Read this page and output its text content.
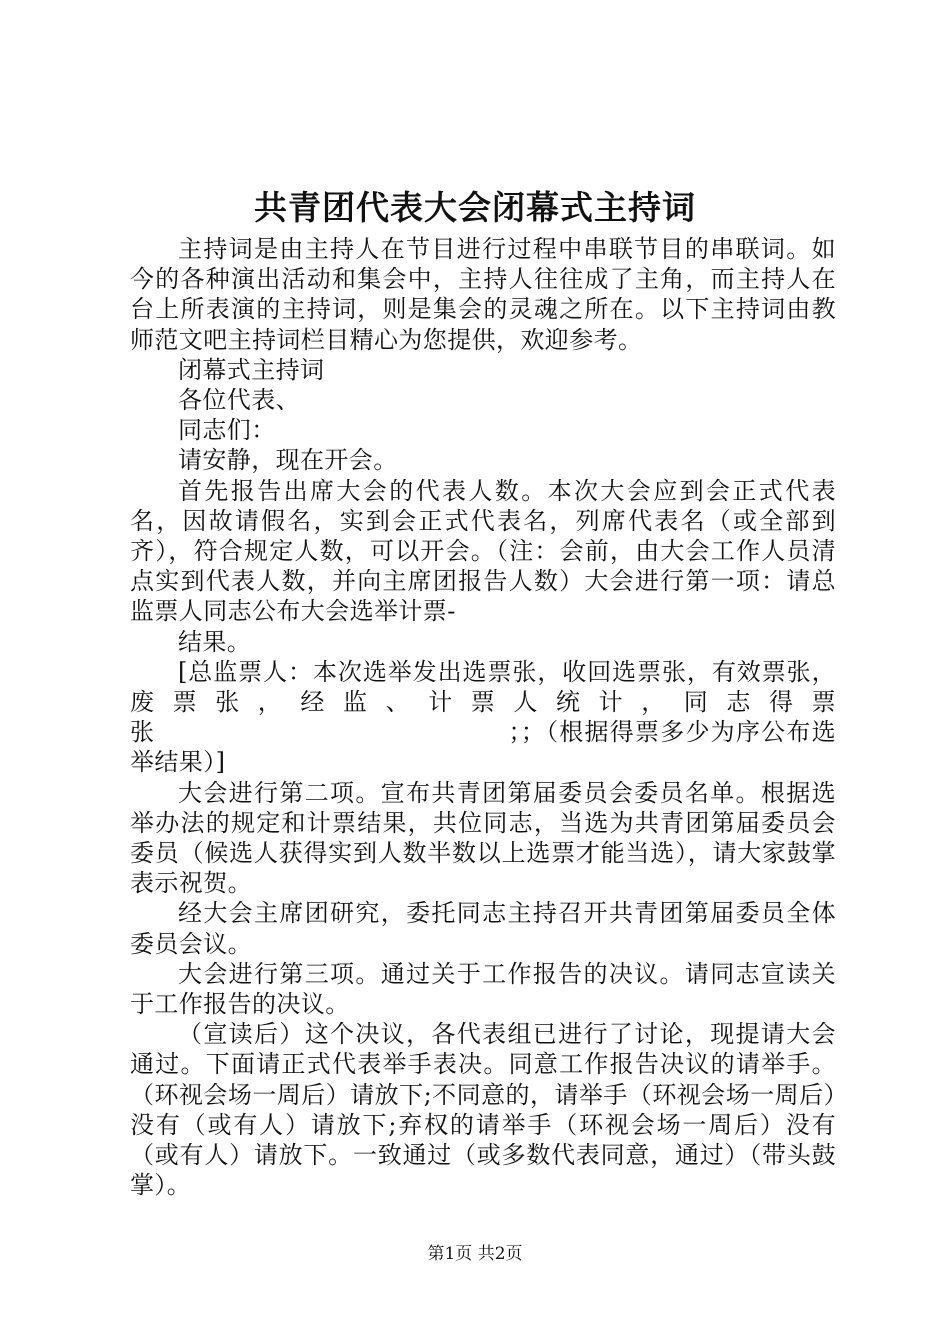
共青团代表大会闭幕式主持词

主持词是由主持人在节目进行过程中串联节目的串联词。如今的各种演出活动和集会中，主持人往往成了主角，而主持人在台上所表演的主持词，则是集会的灵魂之所在。以下主持词由教师范文吧主持词栏目精心为您提供，欢迎参考。

闭幕式主持词

各位代表、

同志们：

请安静，现在开会。

首先报告出席大会的代表人数。本次大会应到会正式代表名，因故请假名，实到会正式代表名，列席代表名（或全部到齐），符合规定人数，可以开会。（注：会前，由大会工作人员清点实到代表人数，并向主席团报告人数）大会进行第一项：请总监票人同志公布大会选举计票-

结果。

[总监票人：本次选举发出选票张，收回选票张，有效票张，废票张，经监、计票人统计，同志得票张　　　　　　　　　　　　　　；；（根据得票多少为序公布选举结果）]

大会进行第二项。宣布共青团第届委员会委员名单。根据选举办法的规定和计票结果，共位同志，当选为共青团第届委员会委员（候选人获得实到人数半数以上选票才能当选），请大家鼓掌表示祝贺。

经大会主席团研究，委托同志主持召开共青团第届委员全体委员会议。

大会进行第三项。通过关于工作报告的决议。请同志宣读关于工作报告的决议。

（宣读后）这个决议，各代表组已进行了讨论，现提请大会通过。下面请正式代表举手表决。同意工作报告决议的请举手。（环视会场一周后）请放下;不同意的，请举手（环视会场一周后）没有（或有人）请放下;弃权的请举手（环视会场一周后）没有（或有人）请放下。一致通过（或多数代表同意，通过）（带头鼓掌）。

第1页 共2页
